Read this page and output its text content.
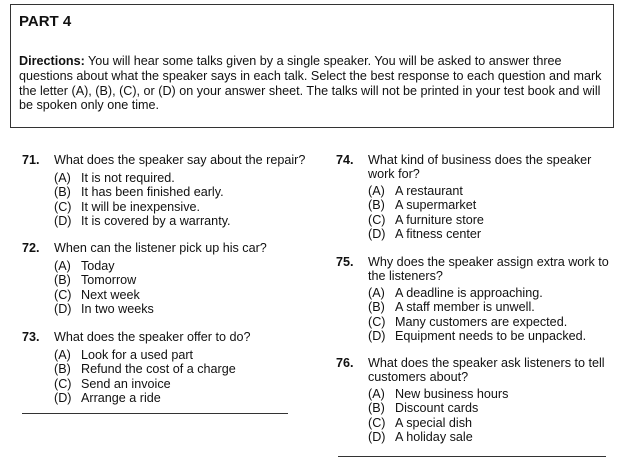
PART 4
Directions: You will hear some talks given by a single speaker. You will be asked to answer three questions about what the speaker says in each talk. Select the best response to each question and mark the letter (A), (B), (C), or (D) on your answer sheet. The talks will not be printed in your test book and will be spoken only one time.
71. What does the speaker say about the repair?
(A) It is not required.
(B) It has been finished early.
(C) It will be inexpensive.
(D) It is covered by a warranty.
72. When can the listener pick up his car?
(A) Today
(B) Tomorrow
(C) Next week
(D) In two weeks
73. What does the speaker offer to do?
(A) Look for a used part
(B) Refund the cost of a charge
(C) Send an invoice
(D) Arrange a ride
74. What kind of business does the speaker
work for?
(A) A restaurant
(B) A supermarket
(C) A furniture store
(D) A fitness center
75. Why does the speaker assign extra work to
the listeners?
(A) A deadline is approaching.
(B) A staff member is unwell.
(C) Many customers are expected.
(D) Equipment needs to be unpacked.
76. What does the speaker ask listeners to tell
customers about?
(A) New business hours
(B) Discount cards
(C) A special dish
(D) A holiday sale
